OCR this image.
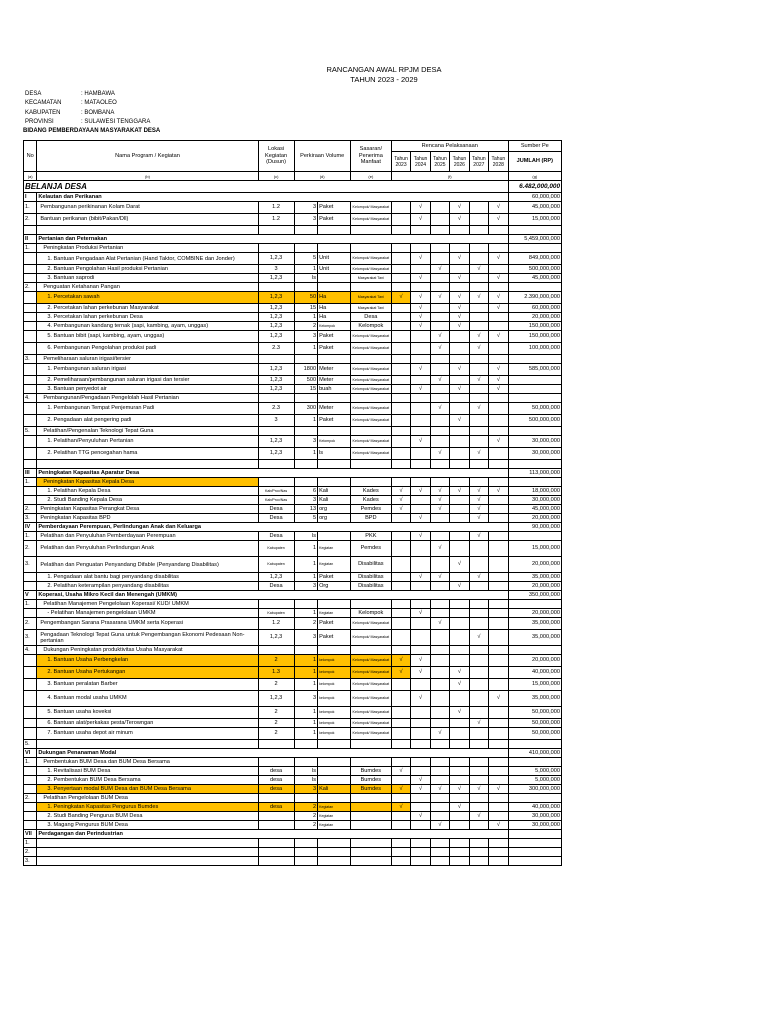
RANCANGAN AWAL RPJM DESA
TAHUN 2023 - 2029
DESA	: HAMBAWA
KECAMATAN	: MATAOLEO
KABUPATEN	: BOMBANA
PROVINSI	: SULAWESI TENGGARA
BIDANG PEMBERDAYAAN MASYARAKAT DESA
No	Nama Program / Kegiatan	Lokasi Kegiatan (Dusun)	Perkiraan Volume		Sasaran/ Penerima Manfaat	Rencana Pelaksanaan						Sumber Pe
						Tahun 2023	Tahun 2024	Tahun 2025	Tahun 2026	Tahun 2027	Tahun 2028	JUMLAH (RP)
(a)	(b)	(c)	(d)		(e)	(f)						(g)
BELANJA DESA												6.482,000,000
I	Kelautan dan Perikanan											60,000,000
1.	Pembangunan perikinanan Kolam Darat	1.2	3	Paket	Kelompok/ Masyarakat		√		√		√	45,000,000
2.	Bantuan perikanan (bibit/Pakan/Dll)	1.2	3	Paket	Kelompok/ Masyarakat		√		√		√	15,000,000

II	Pertanian dan Peternakan											5,459,000,000
1.	Peningkatan Produksi Pertanian											
	1. Bantuan Pengadaan Alat Pertanian (Hand Taktor, COMBINE dan Jonder)	1,2,3	5	Unit	Kelompok/ Masyarakat		√		√		√	849,000,000
	2. Bantuan Pengolahan Hasil produksi Pertanian	3	1	Unit	Kelompok/ Masyarakat			√		√		500,000,000
	3. Bantuan saprodi	1,2,3	ls		Masyarakat Tani		√		√		√	45,000,000
2.	Penguatan Ketahanan Pangan											
	1. Percetakan sawah	1,2,3	50	Ha	Masyarakat Tani	√	√	√	√	√	√	2.390,000,000
	2. Percetakan lahan perkebunan Masyarakat	1,2,3	15	Ha	Masyarakat Tani		√		√		√	60,000,000
	3. Percetakan lahan perkebunan Desa	1,2,3	1	Ha	Desa		√		√			20,000,000
	4. Pembangunan kandang ternak (sapi, kambing, ayam, unggas)	1,2,3	2	Kelompok	Kelompok		√		√			150,000,000
	5. Bantuan bibit (sapi, kambing, ayam, unggas)	1,2,3	3	Paket	Kelompok/ Masyarakat			√		√	√	150,000,000
	6. Pembangunan Pengolahan produksi padi	2.3	1	Paket	Kelompok/ Masyarakat			√		√		100,000,000
3.	Pemeliharaan saluran irigasi/tersier											
	1. Pembangunan saluran irigasi	1,2,3	1800	Meter	Kelompok/ Masyarakat		√		√		√	585,000,000
	2. Pemeliharaan/pembangunan saluran irigasi dan tersier	1,2,3	500	Meter	Kelompok/ Masyarakat			√		√	√	
	3. Bantuan penyedot air	1,2,3	15	buah	Kelompok/ Masyarakat		√		√		√	
4.	Pembangunan/Pengadaan Pengelolah Hasil Pertanian											
	1. Pembangunan Tempat Penjemuran Padi	2.3	300	Meter	Kelompok/ Masyarakat			√		√		50,000,000
	2. Pengadaan alat pengering padi	3	1	Paket	Kelompok/ Masyarakat				√			500,000,000
5.	Pelatihan/Pengenalan Teknologi Tepat Guna											
	1. Pelatihan/Penyuluhan Pertanian	1,2,3	3	Kelompok	Kelompok/ Masyarakat		√				√	30,000,000
	2. Pelatihan TTG pencegahan hama	1,2,3	1	ls	Kelompok/ Masyarakat			√		√		30,000,000

III	Peningkatan Kapasitas Aparatur Desa											113,000,000
1.	Peningkatan Kapasitas Kepala Desa											
	1. Pelatihan Kepala Desa	Kab/Prov/Nas	6	Kali	Kades	√	√	√	√	√	√	18,000,000
	2. Studi Banding Kepala Desa	Kab/Prov/Nas	3	Kali	Kades	√		√		√		30,000,000
2.	Peningkatan Kapasitas Perangkat Desa	Desa	13	org	Pemdes	√		√		√		45,000,000
3.	Peningkatan Kapasitas BPD	Desa	5	org	BPD		√			√		20,000,000
IV	Pemberdayaan Perempuan, Perlindungan Anak dan Keluarga											90,000,000
1.	Pelatihan dan Penyuluhan Pemberdayaan Perempuan	Desa	ls		PKK		√			√		
2.	Pelatihan dan Penyuluhan Perlindungan Anak	Kabupaten	1	Kegiatan	Pemdes			√				15,000,000
3.	Pelatihan dan Penguatan Penyandang Difable (Penyandang Disabilitas)	Kabupaten	1	Kegiatan	Disabilitas				√			20,000,000
	1. Pengadaan alat bantu bagi penyandang disabilitas	1,2,3	1	Paket	Disabilitas		√	√		√		35,000,000
	2. Pelatihan keterampilan penyandang disabilitas	Desa	3	Org	Disabilitas				√			20,000,000
V	Koperasi, Usaha Mikro Kecil dan Menengah (UMKM)											350,000,000
1.	Pelatihan Manajemen Pengelolaan Koperasi/ KUD/ UMKM											
	- Pelatihan Manajemen pengelolaan UMKM	Kabupaten	1	Kegiatan	Kelompok		√					20,000,000
2.	Pengembangan Sarana Prasarana UMKM serta Koperasi	1.2	2	Paket	Kelompok/ Masyarakat			√				35,000,000
3.	Pengadaan Teknologi Tepat Guna untuk Pengembangan Ekonomi Pedesaan Non-pertanian	1,2,3	3	Paket	Kelompok/ Masyarakat					√		35,000,000
4.	Dukungan Peningkatan produktivitas Usaha Masyarakat											
	1. Bantuan Usaha Perbengkelan	2	1	kelompok	Kelompok/ Masyarakat	√	√					20,000,000
	2. Bantuan Usaha Pertukangan	1.3	1	kelompok	Kelompok/ Masyarakat	√	√		√			40,000,000
	3. Bantuan peralatan Barber	2	1	kelompok	Kelompok/ Masyarakat				√			15,000,000
	4. Bantuan modal usaha UMKM	1,2,3	3	kelompok	Kelompok/ Masyarakat		√				√	35,000,000
	5. Bantuan usaha koveksi	2	1	kelompok	Kelompok/ Masyarakat				√			50,000,000
	6. Bantuan alat/perkakas pesta/Terowngan	2	1	kelompok	Kelompok/ Masyarakat					√		50,000,000
	7. Bantuan usaha depot air minum	2	1	kelompok	Kelompok/ Masyarakat			√				50,000,000
5.												
VI	Dukungan Penanaman Modal											410,000,000
1.	Pembentukan BUM Desa dan BUM Desa Bersama											
	1. Revitalisasi BUM Desa	desa	ls		Bumdes	√						5,000,000
	2. Pembentukan BUM Desa Bersama	desa	ls		Bumdes		√					5,000,000
	3. Penyertaan modal BUM Desa dan BUM Desa Bersama	desa	3	Kali	Bumdes	√	√	√	√	√	√	300,000,000
2.	Pelatihan Pengelolaan BUM Desa											
	1. Peningkatan Kapasitas Pengurus Bumdes	desa	2	Kegiatan		√			√			40,000,000
	2. Studi Banding Pengurus BUM Desa		2	Kegiatan			√			√		30,000,000
	3. Magang Pengurus BUM Desa		2	Kegiatan				√			√	30,000,000
VII	Perdagangan dan Perindustrian											
1.												
2.												
3.												
